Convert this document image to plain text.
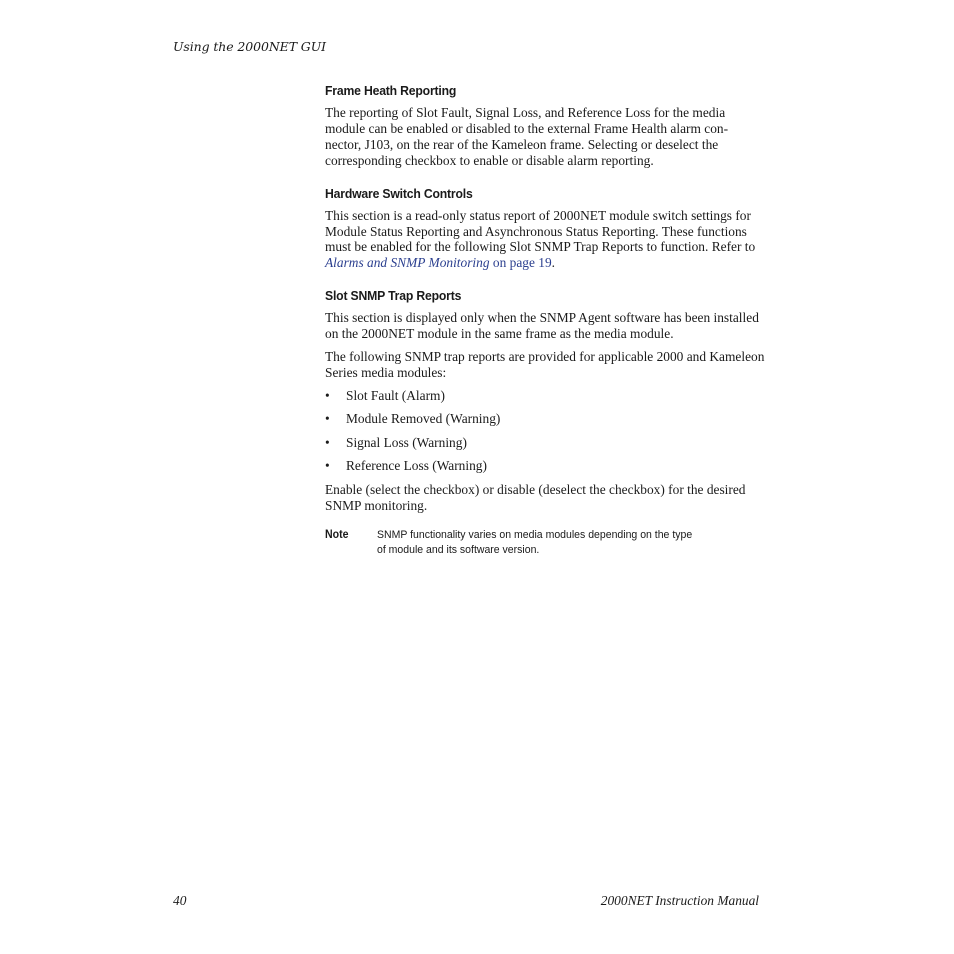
Using the 2000NET GUI
Frame Heath Reporting

The reporting of Slot Fault, Signal Loss, and Reference Loss for the media module can be enabled or disabled to the external Frame Health alarm con- nector, J103, on the rear of the Kameleon frame. Selecting or deselect the corresponding checkbox to enable or disable alarm reporting.

Hardware Switch Controls

This section is a read-only status report of 2000NET module switch settings for Module Status Reporting and Asynchronous Status Reporting. These functions must be enabled for the following Slot SNMP Trap Reports to function. Refer to Alarms and SNMP Monitoring on page 19.

Slot SNMP Trap Reports

This section is displayed only when the SNMP Agent software has been installed on the 2000NET module in the same frame as the media module.

The following SNMP trap reports are provided for applicable 2000 and Kameleon Series media modules:

•	Slot Fault (Alarm)
•	Module Removed (Warning)
•	Signal Loss (Warning)
•	Reference Loss (Warning)

Enable (select the checkbox) or disable (deselect the checkbox) for the desired SNMP monitoring.

Note	SNMP functionality varies on media modules depending on the type of module and its software version.
40	2000NET Instruction Manual
